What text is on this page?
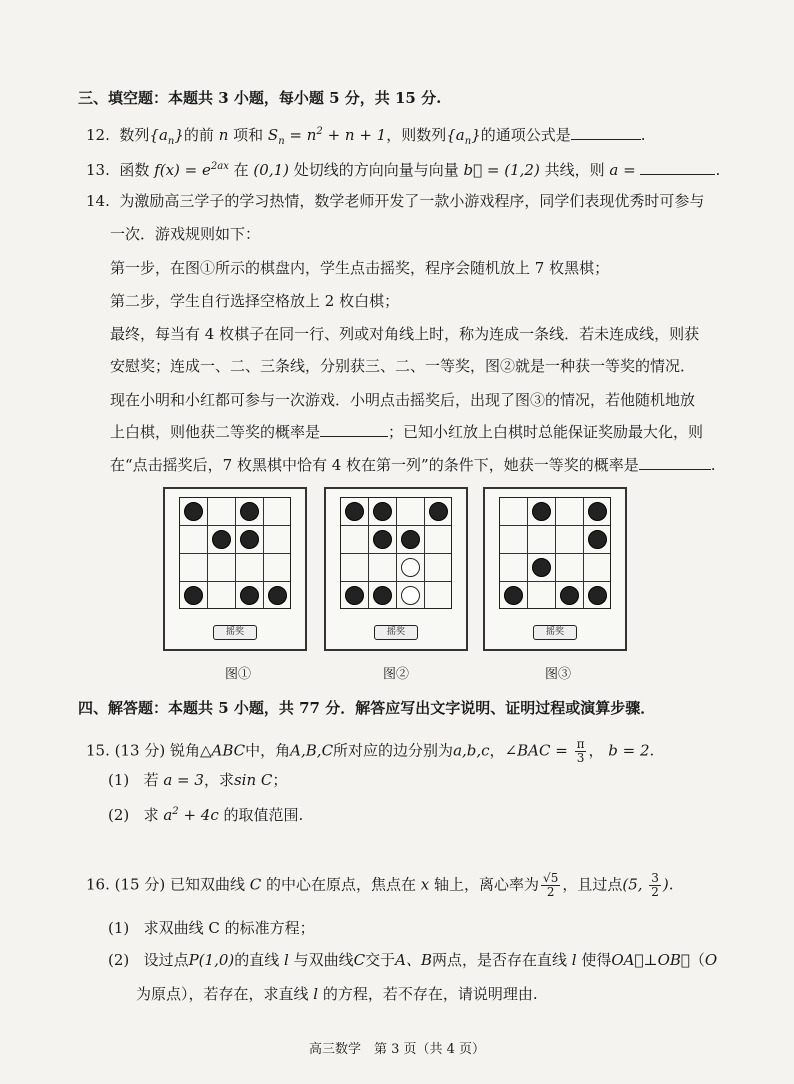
三、填空题：本题共 3 小题，每小题 5 分，共 15 分.
12. 数列$\{a_n\}$的前 n 项和 $S_n = n^2 + n + 1$，则数列$\{a_n\}$的通项公式是	.
13. 函数 $f(x) = e^{2ax}$ 在 (0,1) 处切线的方向向量与向量 b⃗ = (1,2) 共线，则 a =	.
14. 为激励高三学子的学习热情，数学老师开发了一款小游戏程序，同学们表现优秀时可参与
一次．游戏规则如下：
第一步，在图①所示的棋盘内，学生点击摇奖，程序会随机放上 7 枚黑棋；
第二步，学生自行选择空格放上 2 枚白棋；
最终，每当有 4 枚棋子在同一行、列或对角线上时，称为连成一条线．若未连成线，则获
安慰奖；连成一、二、三条线，分别获三、二、一等奖，图②就是一种获一等奖的情况．
现在小明和小红都可参与一次游戏．小明点击摇奖后，出现了图③的情况，若他随机地放
上白棋，则他获二等奖的概率是	；已知小红放上白棋时总能保证奖励最大化，则
在“点击摇奖后，7 枚黑棋中恰有 4 枚在第一列”的条件下，她获一等奖的概率是	.
摇奖
图①
摇奖
图②
摇奖
图③
四、解答题：本题共 5 小题，共 77 分．解答应写出文字说明、证明过程或演算步骤．
15. (13 分) 锐角△ABC中，角A,B,C所对应的边分别为a,b,c，∠BAC = $\frac{\pi}{3}$ ， b = 2.
(1) 若 a = 3，求sin C；
(2) 求 $a^2 + 4c$ 的取值范围.
16. (15 分) 已知双曲线 C 的中心在原点，焦点在 x 轴上，离心率为 $\frac{√5}{2}$ ，且过点(5, $\frac{3}{2}$ ).
(1) 求双曲线 C 的标准方程；
(2) 设过点P(1,0)的直线 l 与双曲线C交于A、B两点，是否存在直线 l 使得OA⃗⊥OB⃗（O
为原点），若存在，求直线 l 的方程，若不存在，请说明理由.
高三数学　第 3 页（共 4 页）
